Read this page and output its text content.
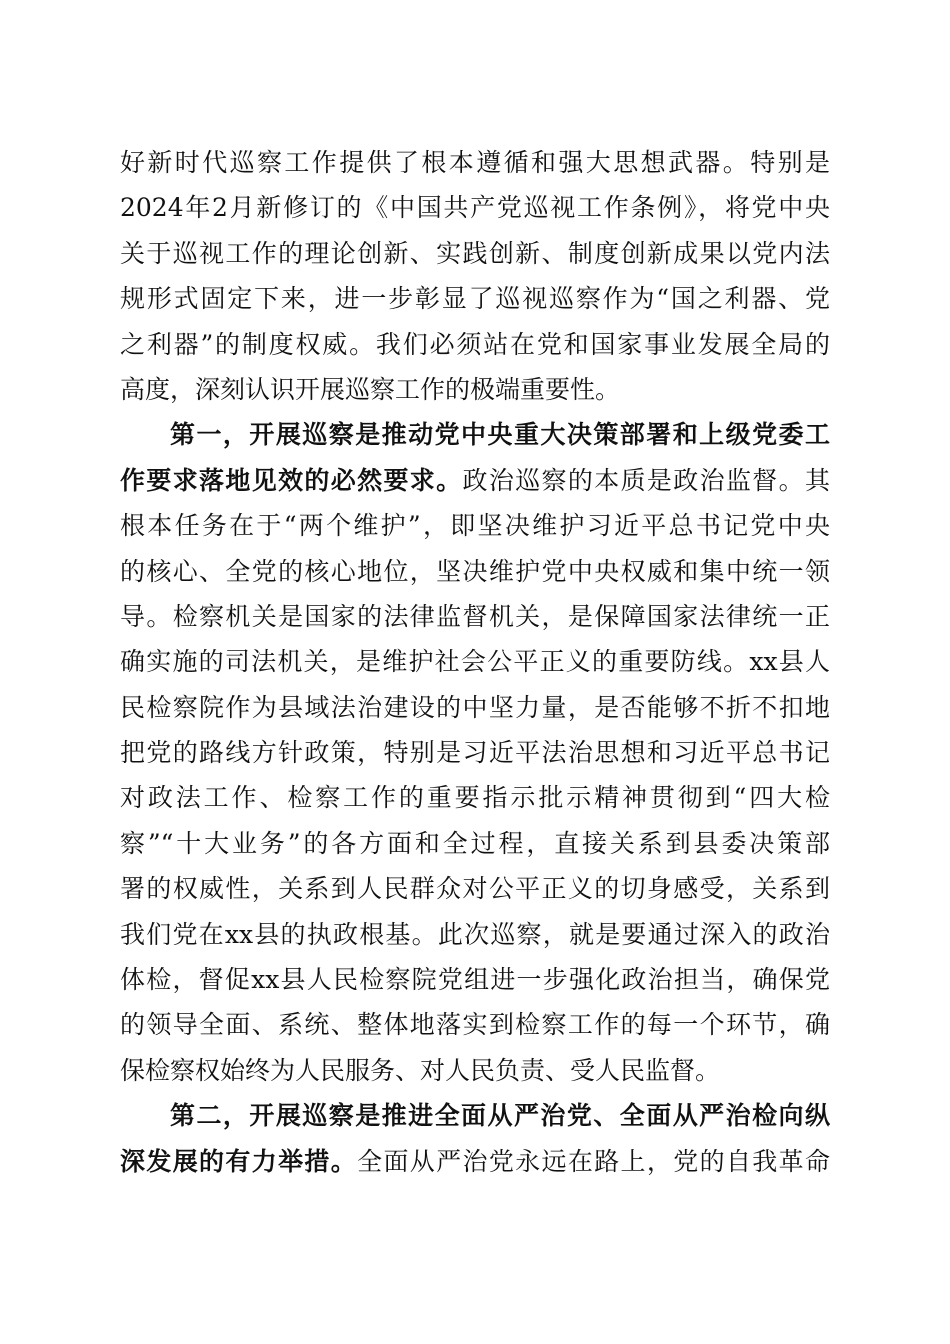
好新时代巡察工作提供了根本遵循和强大思想武器。特别是
2024年2月新修订的《中国共产党巡视工作条例》，将党中央
关于巡视工作的理论创新、实践创新、制度创新成果以党内法
规形式固定下来，进一步彰显了巡视巡察作为“国之利器、党
之利器”的制度权威。我们必须站在党和国家事业发展全局的
高度，深刻认识开展巡察工作的极端重要性。
第一，开展巡察是推动党中央重大决策部署和上级党委工
作要求落地见效的必然要求。政治巡察的本质是政治监督。其
根本任务在于“两个维护”，即坚决维护习近平总书记党中央
的核心、全党的核心地位，坚决维护党中央权威和集中统一领
导。检察机关是国家的法律监督机关，是保障国家法律统一正
确实施的司法机关，是维护社会公平正义的重要防线。xx县人
民检察院作为县域法治建设的中坚力量，是否能够不折不扣地
把党的路线方针政策，特别是习近平法治思想和习近平总书记
对政法工作、检察工作的重要指示批示精神贯彻到“四大检
察”“十大业务”的各方面和全过程，直接关系到县委决策部
署的权威性，关系到人民群众对公平正义的切身感受，关系到
我们党在xx县的执政根基。此次巡察，就是要通过深入的政治
体检，督促xx县人民检察院党组进一步强化政治担当，确保党
的领导全面、系统、整体地落实到检察工作的每一个环节，确
保检察权始终为人民服务、对人民负责、受人民监督。
第二，开展巡察是推进全面从严治党、全面从严治检向纵
深发展的有力举措。全面从严治党永远在路上，党的自我革命
